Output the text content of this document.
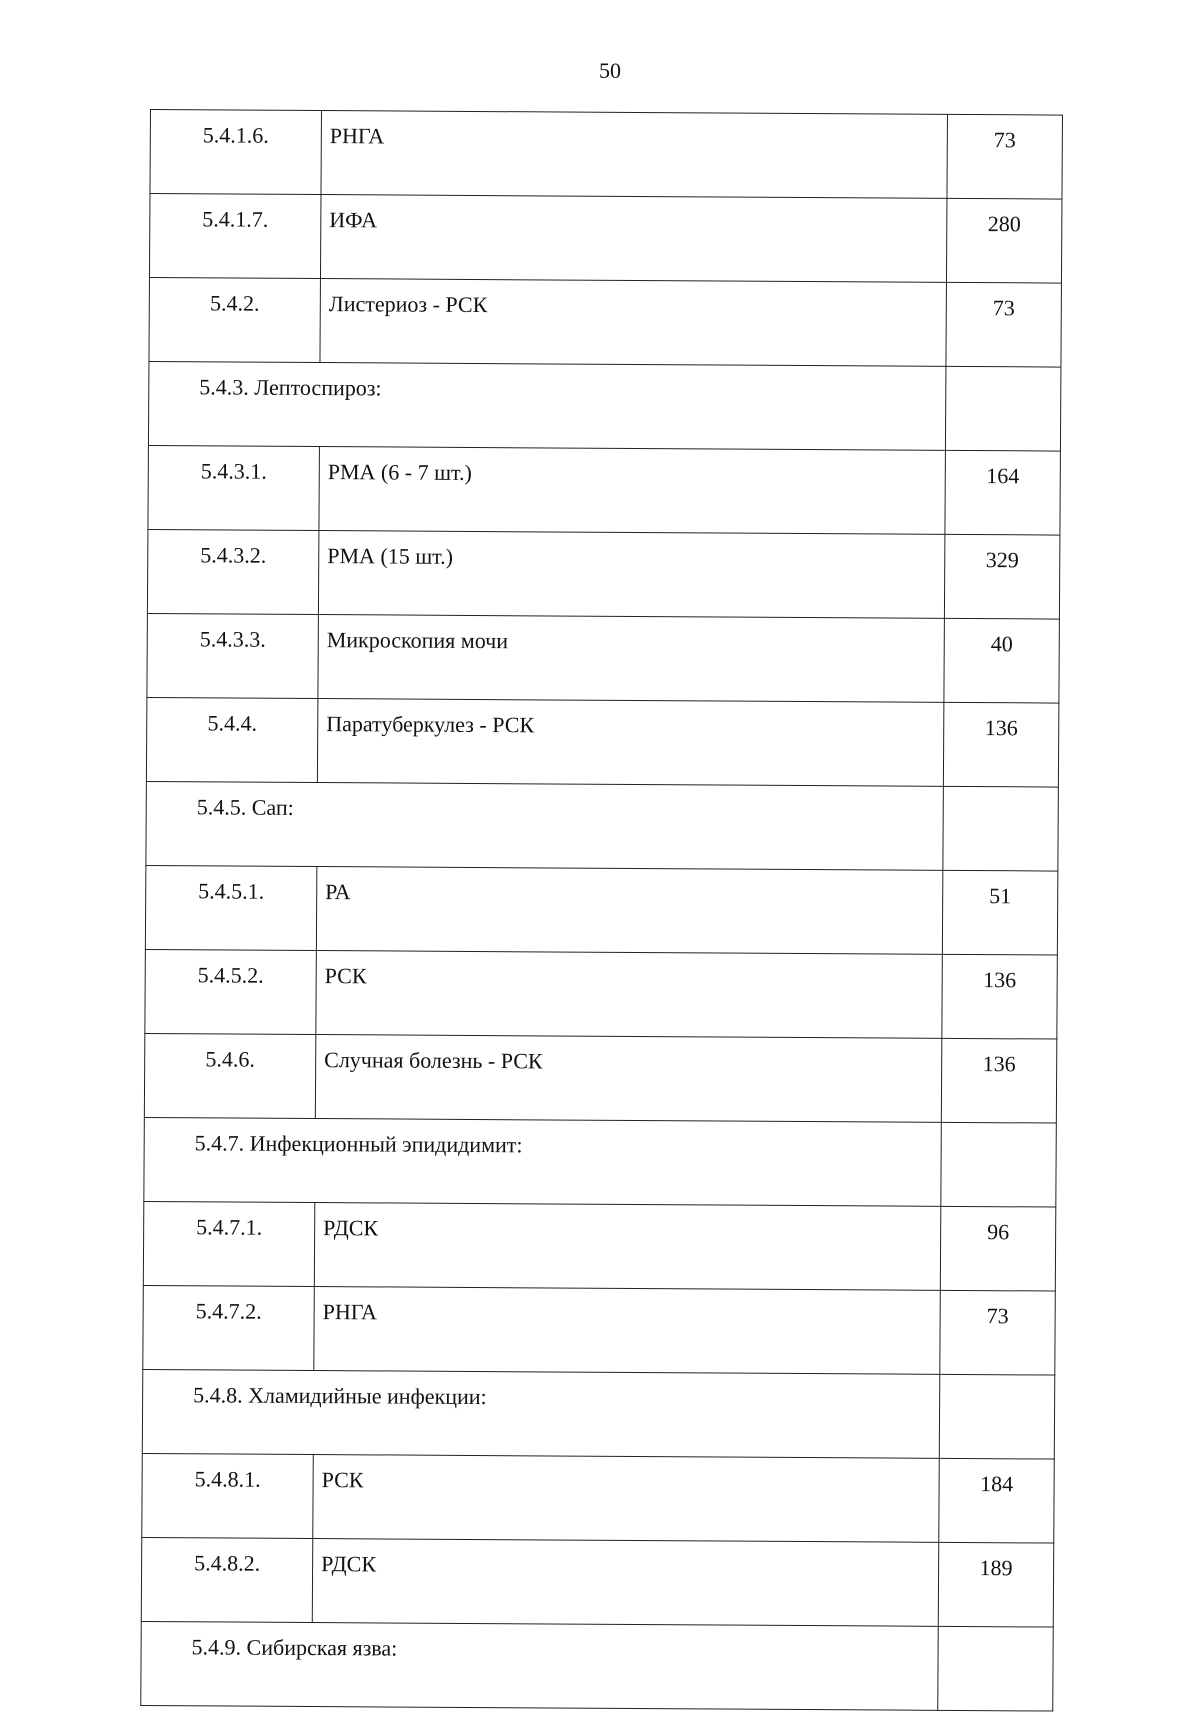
50
5.4.1.6.	РНГА	73
5.4.1.7.	ИФА	280
5.4.2.	Листериоз - РСК	73
5.4.3. Лептоспироз:		
5.4.3.1.	РМА (6 - 7 шт.)	164
5.4.3.2.	РМА (15 шт.)	329
5.4.3.3.	Микроскопия мочи	40
5.4.4.	Паратуберкулез - РСК	136
5.4.5. Сап:		
5.4.5.1.	РА	51
5.4.5.2.	РСК	136
5.4.6.	Случная болезнь - РСК	136
5.4.7. Инфекционный эпидидимит:		
5.4.7.1.	РДСК	96
5.4.7.2.	РНГА	73
5.4.8. Хламидийные инфекции:		
5.4.8.1.	РСК	184
5.4.8.2.	РДСК	189
5.4.9. Сибирская язва:		
